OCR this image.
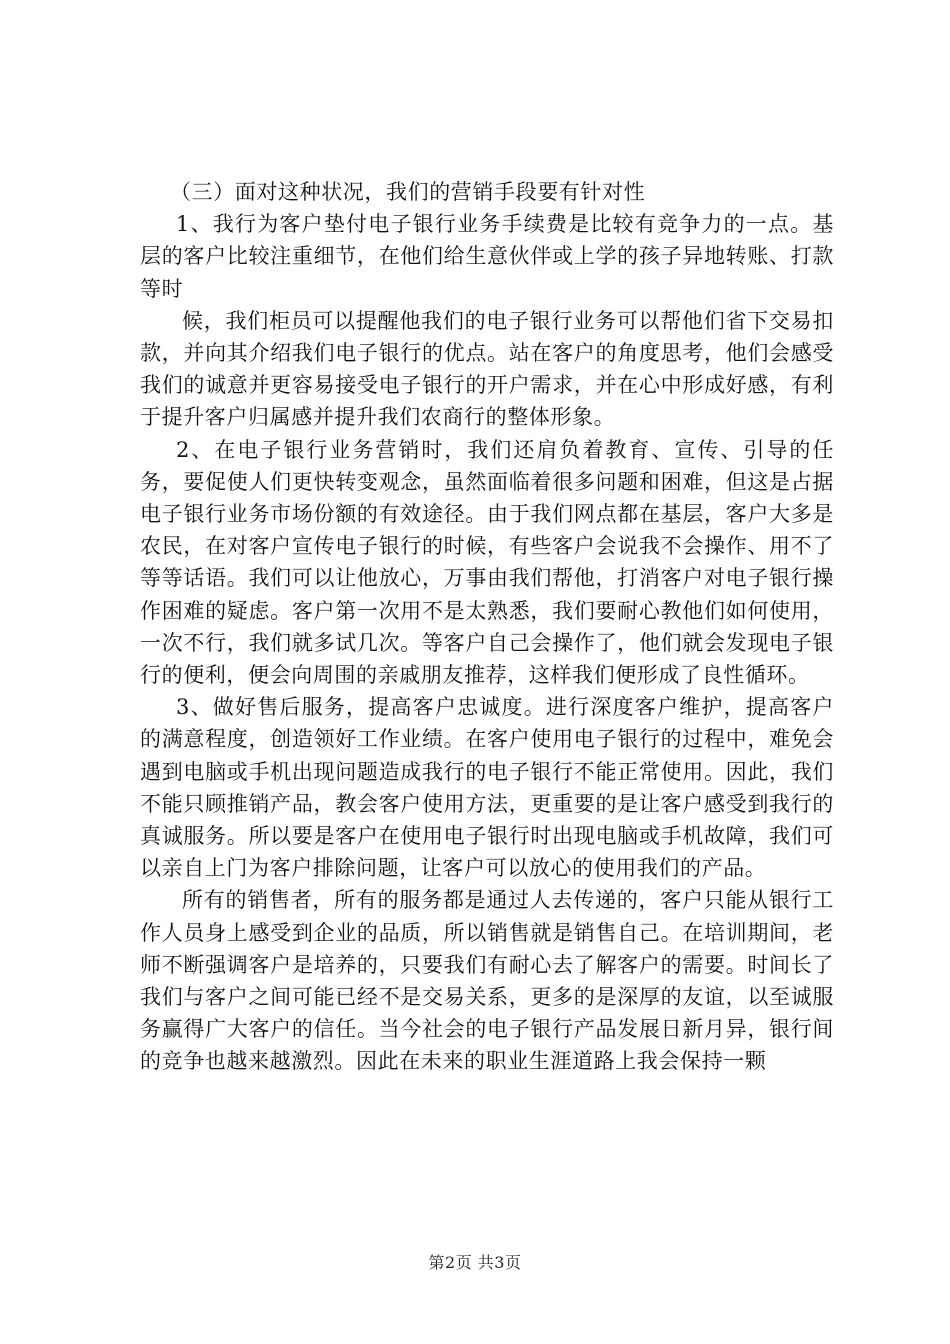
（三）面对这种状况，我们的营销手段要有针对性

1、我行为客户垫付电子银行业务手续费是比较有竞争力的一点。基层的客户比较注重细节，在他们给生意伙伴或上学的孩子异地转账、打款等时

候，我们柜员可以提醒他我们的电子银行业务可以帮他们省下交易扣款，并向其介绍我们电子银行的优点。站在客户的角度思考，他们会感受我们的诚意并更容易接受电子银行的开户需求，并在心中形成好感，有利于提升客户归属感并提升我们农商行的整体形象。

2、在电子银行业务营销时，我们还肩负着教育、宣传、引导的任务，要促使人们更快转变观念，虽然面临着很多问题和困难，但这是占据电子银行业务市场份额的有效途径。由于我们网点都在基层，客户大多是农民，在对客户宣传电子银行的时候，有些客户会说我不会操作、用不了等等话语。我们可以让他放心，万事由我们帮他，打消客户对电子银行操作困难的疑虑。客户第一次用不是太熟悉，我们要耐心教他们如何使用，一次不行，我们就多试几次。等客户自己会操作了，他们就会发现电子银行的便利，便会向周围的亲戚朋友推荐，这样我们便形成了良性循环。

3、做好售后服务，提高客户忠诚度。进行深度客户维护，提高客户的满意程度，创造领好工作业绩。在客户使用电子银行的过程中，难免会遇到电脑或手机出现问题造成我行的电子银行不能正常使用。因此，我们不能只顾推销产品，教会客户使用方法，更重要的是让客户感受到我行的真诚服务。所以要是客户在使用电子银行时出现电脑或手机故障，我们可以亲自上门为客户排除问题，让客户可以放心的使用我们的产品。

所有的销售者，所有的服务都是通过人去传递的，客户只能从银行工作人员身上感受到企业的品质，所以销售就是销售自己。在培训期间，老师不断强调客户是培养的，只要我们有耐心去了解客户的需要。时间长了我们与客户之间可能已经不是交易关系，更多的是深厚的友谊，以至诚服务赢得广大客户的信任。当今社会的电子银行产品发展日新月异，银行间的竞争也越来越激烈。因此在未来的职业生涯道路上我会保持一颗

第2页 共3页
